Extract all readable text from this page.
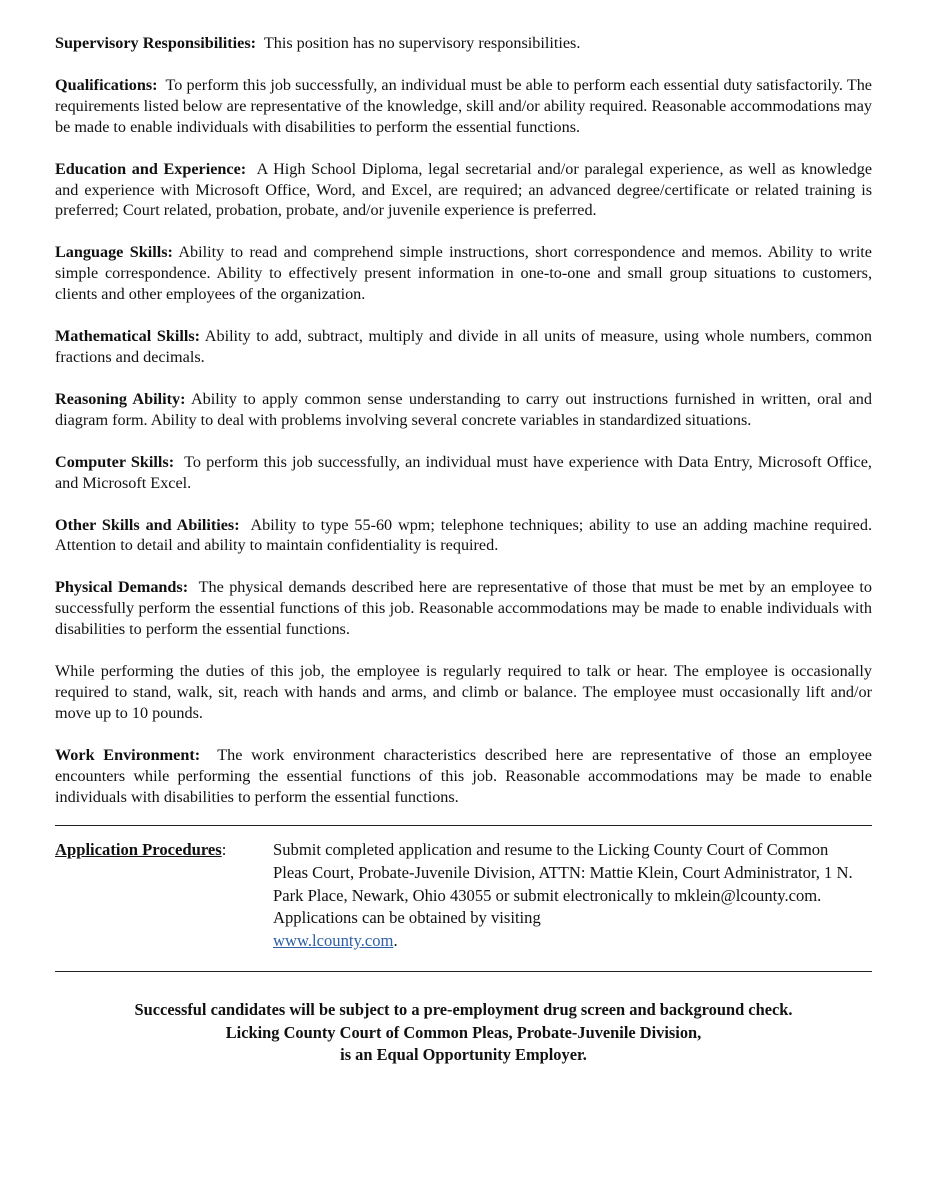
Supervisory Responsibilities: This position has no supervisory responsibilities.

Qualifications: To perform this job successfully, an individual must be able to perform each essential duty satisfactorily. The requirements listed below are representative of the knowledge, skill and/or ability required. Reasonable accommodations may be made to enable individuals with disabilities to perform the essential functions.

Education and Experience: A High School Diploma, legal secretarial and/or paralegal experience, as well as knowledge and experience with Microsoft Office, Word, and Excel, are required; an advanced degree/certificate or related training is preferred; Court related, probation, probate, and/or juvenile experience is preferred.

Language Skills: Ability to read and comprehend simple instructions, short correspondence and memos. Ability to write simple correspondence. Ability to effectively present information in one-to-one and small group situations to customers, clients and other employees of the organization.

Mathematical Skills: Ability to add, subtract, multiply and divide in all units of measure, using whole numbers, common fractions and decimals.

Reasoning Ability: Ability to apply common sense understanding to carry out instructions furnished in written, oral and diagram form. Ability to deal with problems involving several concrete variables in standardized situations.

Computer Skills: To perform this job successfully, an individual must have experience with Data Entry, Microsoft Office, and Microsoft Excel.

Other Skills and Abilities: Ability to type 55-60 wpm; telephone techniques; ability to use an adding machine required. Attention to detail and ability to maintain confidentiality is required.

Physical Demands: The physical demands described here are representative of those that must be met by an employee to successfully perform the essential functions of this job. Reasonable accommodations may be made to enable individuals with disabilities to perform the essential functions.

While performing the duties of this job, the employee is regularly required to talk or hear. The employee is occasionally required to stand, walk, sit, reach with hands and arms, and climb or balance. The employee must occasionally lift and/or move up to 10 pounds.

Work Environment: The work environment characteristics described here are representative of those an employee encounters while performing the essential functions of this job. Reasonable accommodations may be made to enable individuals with disabilities to perform the essential functions.

Application Procedures:	Submit completed application and resume to the Licking County Court of Common Pleas Court, Probate-Juvenile Division, ATTN: Mattie Klein, Court Administrator, 1 N. Park Place, Newark, Ohio 43055 or submit electronically to mklein@lcounty.com. Applications can be obtained by visiting
www.lcounty.com.
Successful candidates will be subject to a pre-employment drug screen and background check.
Licking County Court of Common Pleas, Probate-Juvenile Division,
is an Equal Opportunity Employer.
